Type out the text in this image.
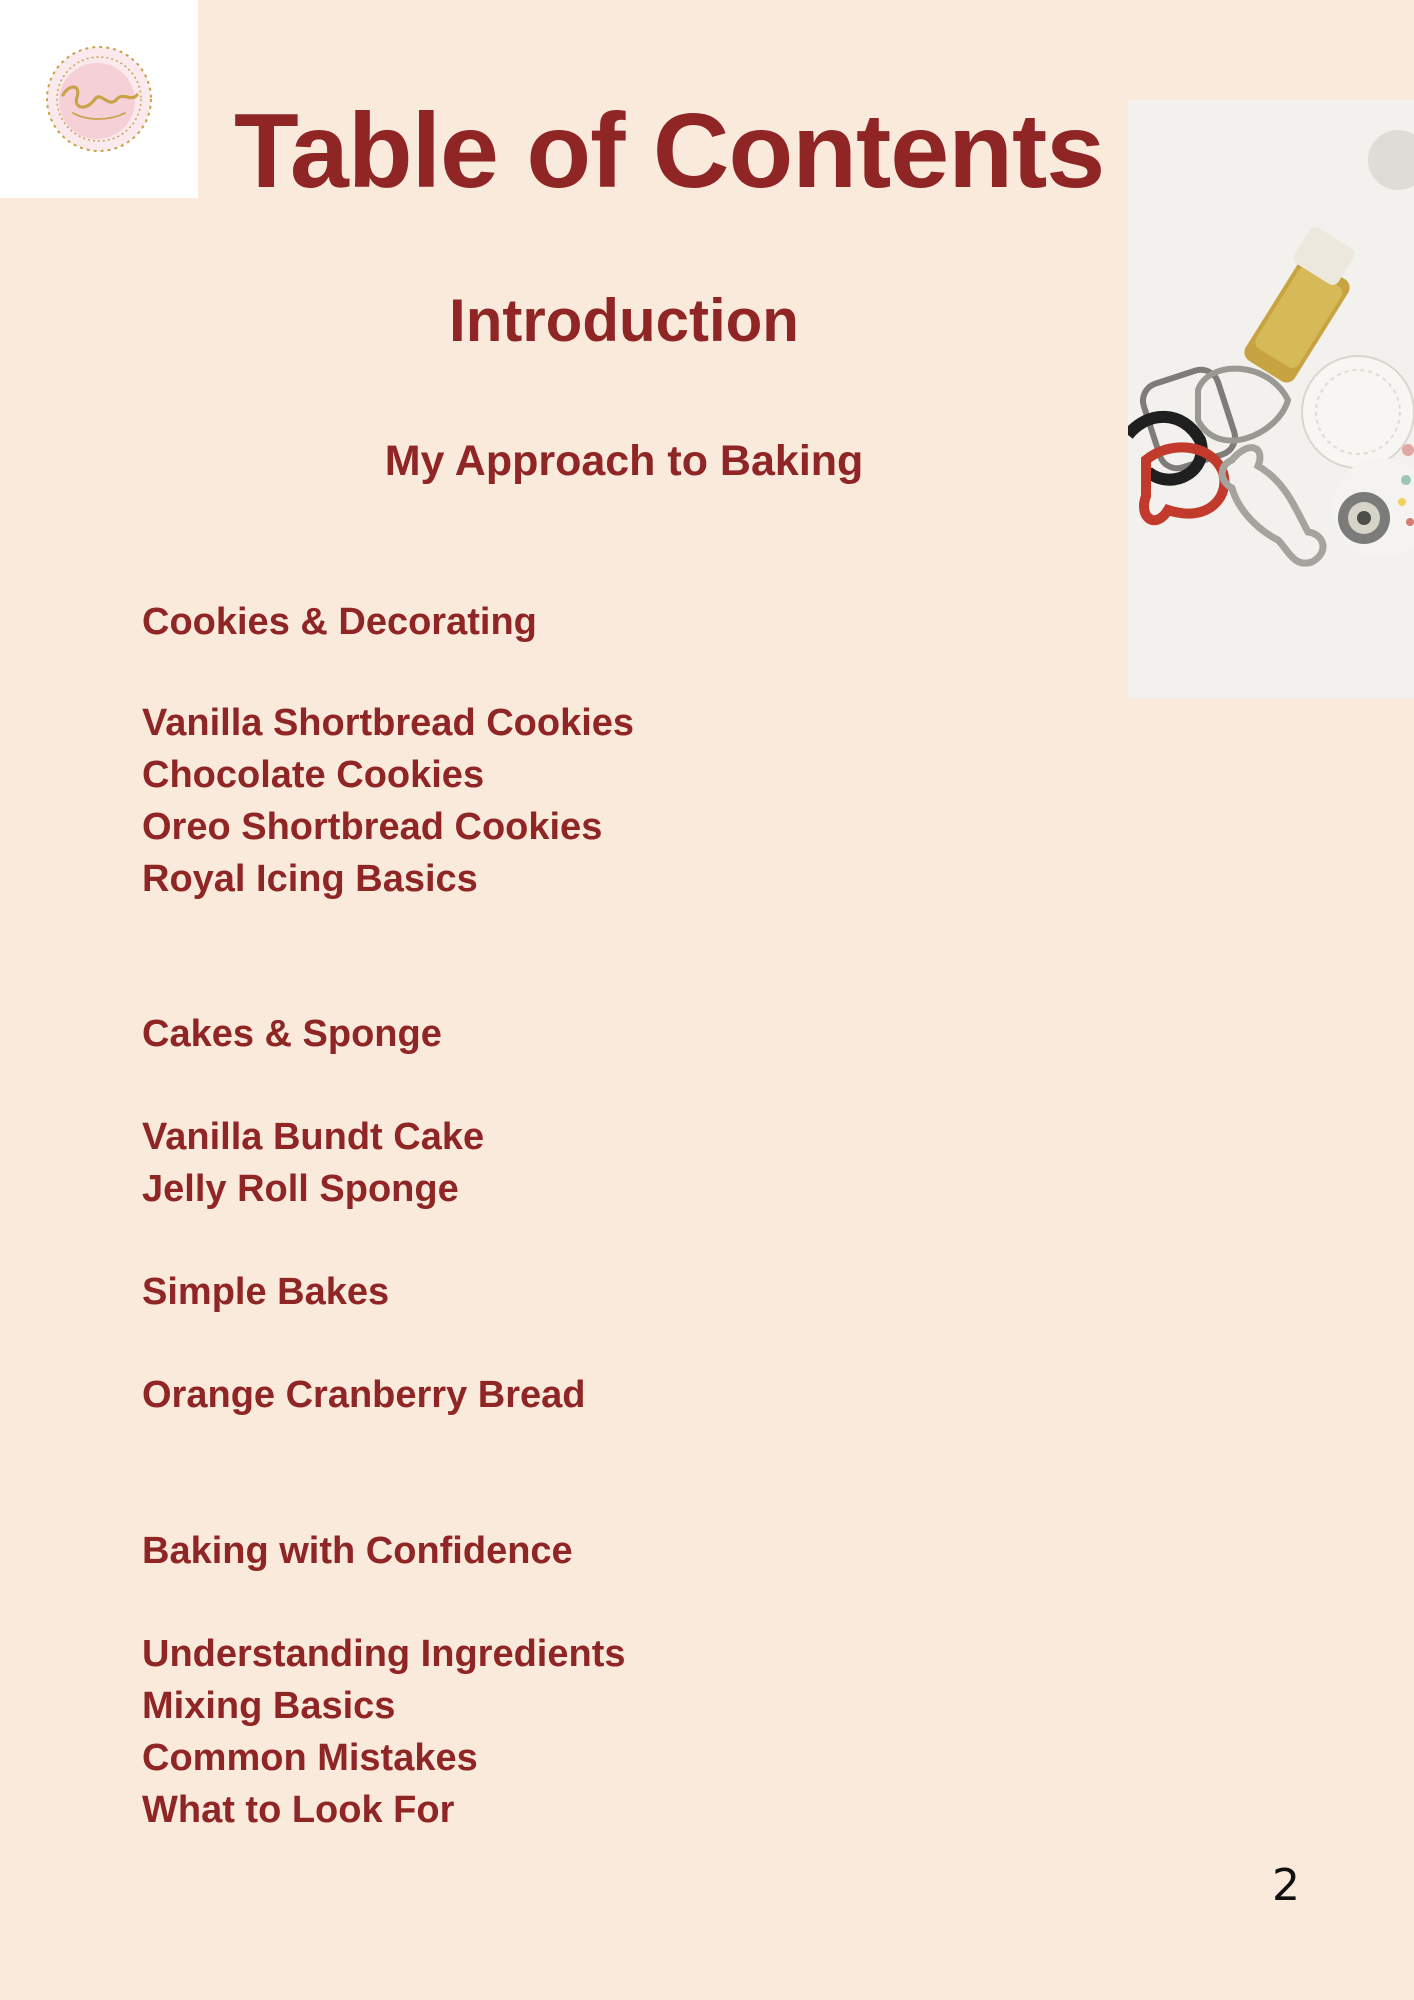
Table of Contents
Introduction
My Approach to Baking
Cookies & Decorating
Vanilla Shortbread Cookies
Chocolate Cookies
Oreo Shortbread Cookies
Royal Icing Basics
Cakes & Sponge
Vanilla Bundt Cake
Jelly Roll Sponge
Simple Bakes
Orange Cranberry Bread
Baking with Confidence
Understanding Ingredients
Mixing Basics
Common Mistakes
What to Look For
2
